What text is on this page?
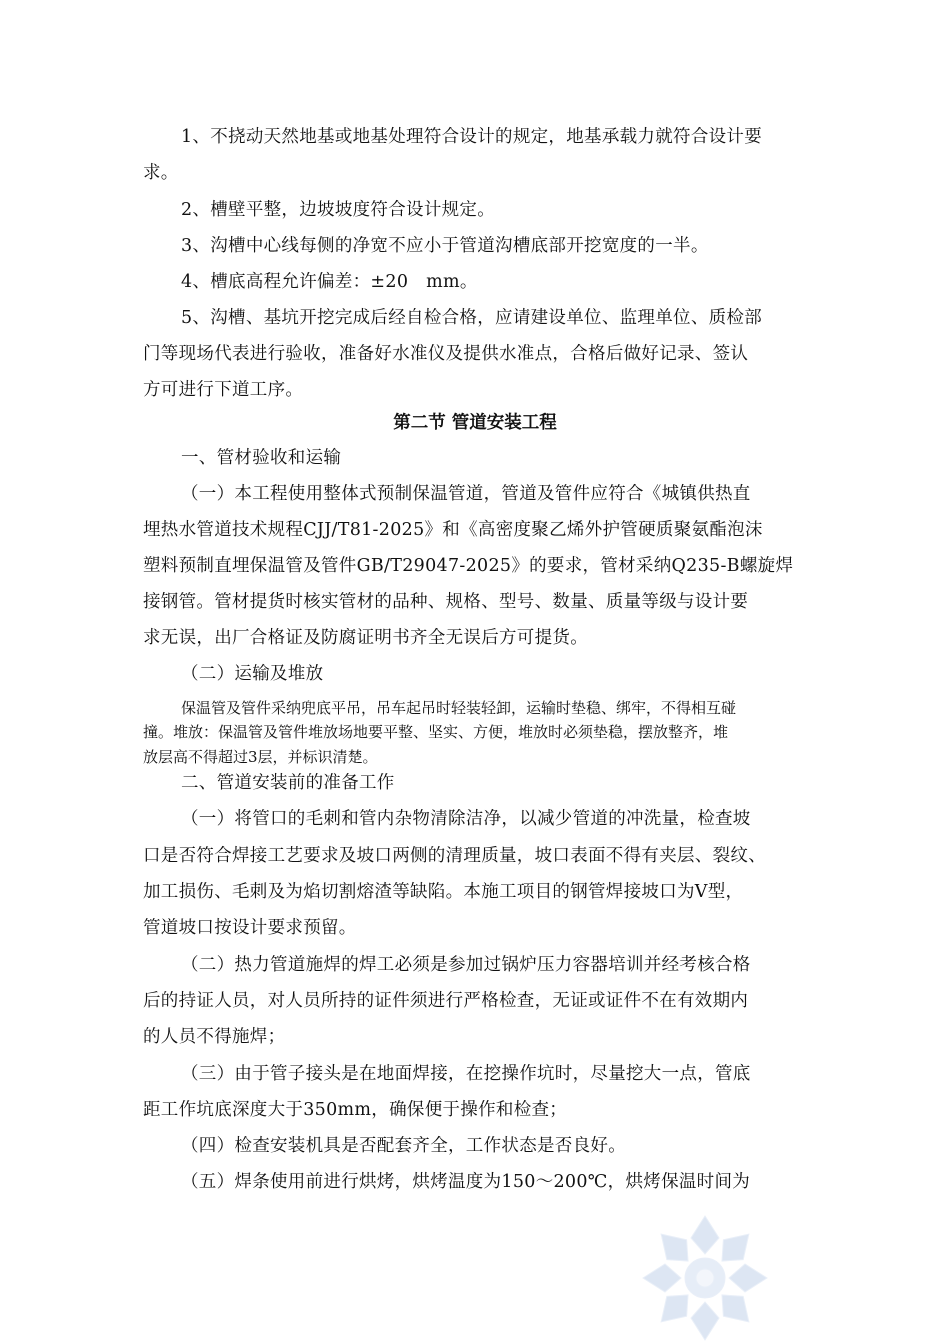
1、不挠动天然地基或地基处理符合设计的规定，地基承载力就符合设计要
求。
2、槽壁平整，边坡坡度符合设计规定。
3、沟槽中心线每侧的净宽不应小于管道沟槽底部开挖宽度的一半。
4、槽底高程允许偏差：±20　mm。
5、沟槽、基坑开挖完成后经自检合格，应请建设单位、监理单位、质检部
门等现场代表进行验收，准备好水准仪及提供水准点，合格后做好记录、签认
方可进行下道工序。
第二节 管道安装工程
一、管材验收和运输
（一）本工程使用整体式预制保温管道，管道及管件应符合《城镇供热直
埋热水管道技术规程CJJ/T81-2025》和《高密度聚乙烯外护管硬质聚氨酯泡沫
塑料预制直埋保温管及管件GB/T29047-2025》的要求，管材采纳Q235-B螺旋焊
接钢管。管材提货时核实管材的品种、规格、型号、数量、质量等级与设计要
求无误，出厂合格证及防腐证明书齐全无误后方可提货。
（二）运输及堆放
保温管及管件采纳兜底平吊，吊车起吊时轻装轻卸，运输时垫稳、绑牢，不得相互碰
撞。堆放：保温管及管件堆放场地要平整、坚实、方便，堆放时必须垫稳，摆放整齐，堆
放层高不得超过3层，并标识清楚。
二、管道安装前的准备工作
（一）将管口的毛刺和管内杂物清除洁净，以减少管道的冲洗量，检查坡
口是否符合焊接工艺要求及坡口两侧的清理质量，坡口表面不得有夹层、裂纹、
加工损伤、毛刺及为焰切割熔渣等缺陷。本施工项目的钢管焊接坡口为V型，
管道坡口按设计要求预留。
（二）热力管道施焊的焊工必须是参加过锅炉压力容器培训并经考核合格
后的持证人员，对人员所持的证件须进行严格检查，无证或证件不在有效期内
的人员不得施焊；
（三）由于管子接头是在地面焊接，在挖操作坑时，尽量挖大一点，管底
距工作坑底深度大于350mm，确保便于操作和检查；
（四）检查安装机具是否配套齐全，工作状态是否良好。
（五）焊条使用前进行烘烤，烘烤温度为150～200℃，烘烤保温时间为
